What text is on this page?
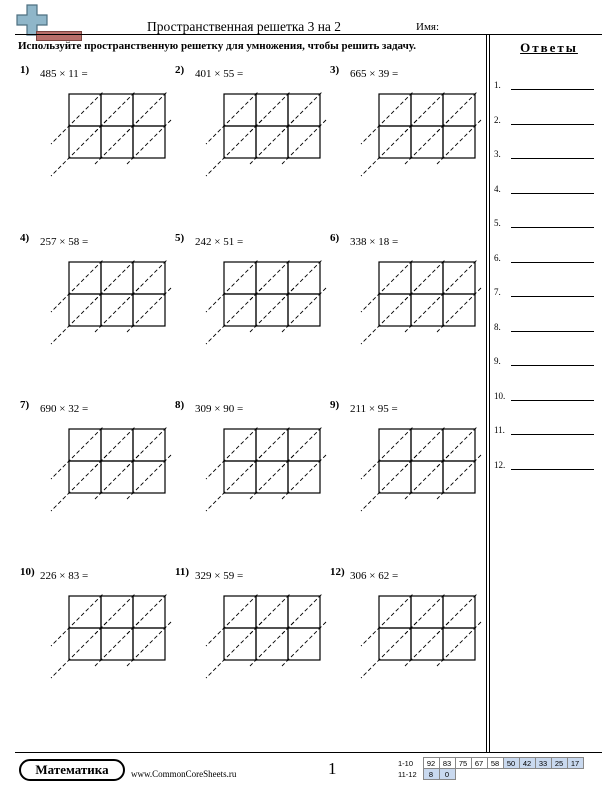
Пространственная решетка 3 на 2	Имя:
Используйте пространственную решетку для умножения, чтобы решить задачу.	Ответы
1.
2.
3.
4.
5.
6.
7.
8.
9.
10.
11.
12.
1) 485 × 11 =	2) 401 × 55 =	3) 665 × 39 =
4) 257 × 58 =	5) 242 × 51 =	6) 338 × 18 =
7) 690 × 32 =	8) 309 × 90 =	9) 211 × 95 =
10) 226 × 83 =	11) 329 × 59 =	12) 306 × 62 =
Математика	www.CommonCoreSheets.ru	1	1-10	92	83	75	67	58	50	42	33	25	17
11-12	8	0								
